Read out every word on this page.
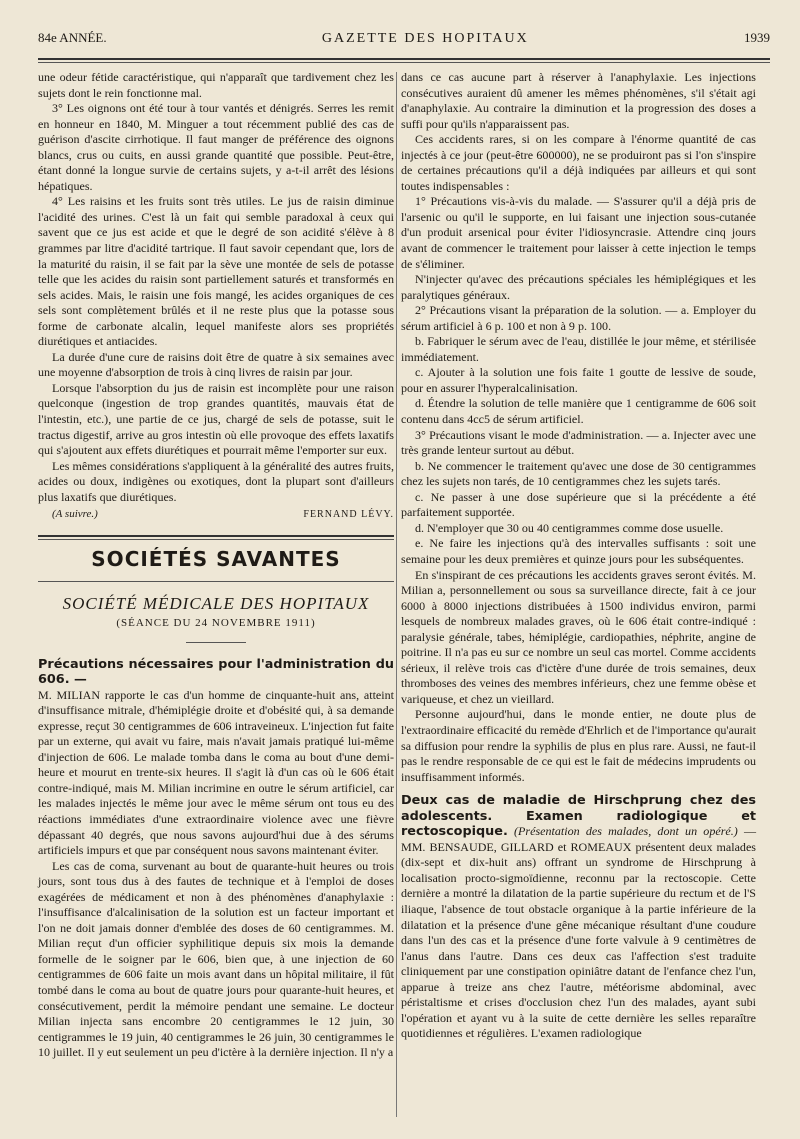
84e ANNÉE.	GAZETTE DES HOPITAUX	1939

une odeur fétide caractéristique, qui n'apparaît que tardivement chez les sujets dont le rein fonctionne mal.

3° Les oignons ont été tour à tour vantés et dénigrés. Serres les remit en honneur en 1840, M. Minguer a tout récemment publié des cas de guérison d'ascite cirrhotique. Il faut manger de préférence des oignons blancs, crus ou cuits, en aussi grande quantité que possible. Peut-être, étant donné la longue survie de certains sujets, y a-t-il arrêt des lésions hépatiques.

4° Les raisins et les fruits sont très utiles. Le jus de raisin diminue l'acidité des urines. C'est là un fait qui semble paradoxal à ceux qui savent que ce jus est acide et que le degré de son acidité s'élève à 8 grammes par litre d'acidité tartrique. Il faut savoir cependant que, lors de la maturité du raisin, il se fait par la sève une montée de sels de potasse telle que les acides du raisin sont partiellement saturés et transformés en sels acides. Mais, le raisin une fois mangé, les acides organiques de ces sels sont complètement brûlés et il ne reste plus que la potasse sous forme de carbonate alcalin, lequel manifeste alors ses propriétés diurétiques et antiacides.

La durée d'une cure de raisins doit être de quatre à six semaines avec une moyenne d'absorption de trois à cinq livres de raisin par jour.

Lorsque l'absorption du jus de raisin est incomplète pour une raison quelconque (ingestion de trop grandes quantités, mauvais état de l'intestin, etc.), une partie de ce jus, chargé de sels de potasse, suit le tractus digestif, arrive au gros intestin où elle provoque des effets laxatifs qui s'ajoutent aux effets diurétiques et pourrait même l'emporter sur eux.

Les mêmes considérations s'appliquent à la généralité des autres fruits, acides ou doux, indigènes ou exotiques, dont la plupart sont d'ailleurs plus laxatifs que diurétiques.

(A suivre.)	FERNAND LÉVY.
SOCIÉTÉS SAVANTES
SOCIÉTÉ MÉDICALE DES HOPITAUX
(SÉANCE DU 24 NOVEMBRE 1911)
Précautions nécessaires pour l'administration du 606. —

M. MILIAN rapporte le cas d'un homme de cinquante-huit ans, atteint d'insuffisance mitrale, d'hémiplégie droite et d'obésité qui, à sa demande expresse, reçut 30 centigrammes de 606 intraveineux. L'injection fut faite par un externe, qui avait vu faire, mais n'avait jamais pratiqué lui-même d'injection de 606. Le malade tomba dans le coma au bout d'une demi-heure et mourut en trente-six heures. Il s'agit là d'un cas où le 606 était contre-indiqué, mais M. Milian incrimine en outre le sérum artificiel, car les malades injectés le même jour avec le même sérum ont tous eu des réactions immédiates d'une extraordinaire violence avec une fièvre dépassant 40 degrés, que nous savons aujourd'hui due à des sérums artificiels impurs et que par conséquent nous savons maintenant éviter.

Les cas de coma, survenant au bout de quarante-huit heures ou trois jours, sont tous dus à des fautes de technique et à l'emploi de doses exagérées de médicament et non à des phénomènes d'anaphylaxie : l'insuffisance d'alcalinisation de la solution est un facteur important et l'on ne doit jamais donner d'emblée des doses de 60 centigrammes. M. Milian reçut d'un officier syphilitique depuis six mois la demande formelle de le soigner par le 606, bien que, à une injection de 60 centigrammes de 606 faite un mois avant dans un hôpital militaire, il fût tombé dans le coma au bout de quatre jours pour quarante-huit heures, et consécutivement, perdit la mémoire pendant une semaine. Le docteur Milian injecta sans encombre 20 centigrammes le 12 juin, 30 centigrammes le 19 juin, 40 centigrammes le 26 juin, 30 centigrammes le 10 juillet. Il y eut seulement un peu d'ictère à la dernière injection. Il n'y a

dans ce cas aucune part à réserver à l'anaphylaxie. Les injections consécutives auraient dû amener les mêmes phénomènes, s'il s'était agi d'anaphylaxie. Au contraire la diminution et la progression des doses a suffi pour qu'ils n'apparaissent pas.

Ces accidents rares, si on les compare à l'énorme quantité de cas injectés à ce jour (peut-être 600000), ne se produiront pas si l'on s'inspire de certaines précautions qu'il a déjà indiquées par ailleurs et qui sont toutes indispensables :

1° Précautions vis-à-vis du malade. — S'assurer qu'il a déjà pris de l'arsenic ou qu'il le supporte, en lui faisant une injection sous-cutanée d'un produit arsenical pour éviter l'idiosyncrasie. Attendre cinq jours avant de commencer le traitement pour laisser à cette injection le temps de s'éliminer.

N'injecter qu'avec des précautions spéciales les hémiplégiques et les paralytiques généraux.

2° Précautions visant la préparation de la solution. — a. Employer du sérum artificiel à 6 p. 100 et non à 9 p. 100.

b. Fabriquer le sérum avec de l'eau, distillée le jour même, et stérilisée immédiatement.

c. Ajouter à la solution une fois faite 1 goutte de lessive de soude, pour en assurer l'hyperalcalinisation.

d. Étendre la solution de telle manière que 1 centigramme de 606 soit contenu dans 4cc5 de sérum artificiel.

3° Précautions visant le mode d'administration. — a. Injecter avec une très grande lenteur surtout au début.

b. Ne commencer le traitement qu'avec une dose de 30 centigrammes chez les sujets non tarés, de 10 centigrammes chez les sujets tarés.

c. Ne passer à une dose supérieure que si la précédente a été parfaitement supportée.

d. N'employer que 30 ou 40 centigrammes comme dose usuelle.

e. Ne faire les injections qu'à des intervalles suffisants : soit une semaine pour les deux premières et quinze jours pour les subséquentes.

En s'inspirant de ces précautions les accidents graves seront évités. M. Milian a, personnellement ou sous sa surveillance directe, fait à ce jour 6000 à 8000 injections distribuées à 1500 individus environ, parmi lesquels de nombreux malades graves, où le 606 était contre-indiqué : paralysie générale, tabes, hémiplégie, cardiopathies, néphrite, angine de poitrine. Il n'a pas eu sur ce nombre un seul cas mortel. Comme accidents sérieux, il relève trois cas d'ictère d'une durée de trois semaines, deux thromboses des veines des membres inférieurs, chez une femme obèse et variqueuse, et chez un vieillard.

Personne aujourd'hui, dans le monde entier, ne doute plus de l'extraordinaire efficacité du remède d'Ehrlich et de l'importance qu'aurait sa diffusion pour rendre la syphilis de plus en plus rare. Aussi, ne faut-il pas le rendre responsable de ce qui est le fait de médecins imprudents ou insuffisamment informés.

Deux cas de maladie de Hirschprung chez des adolescents. Examen radiologique et rectoscopique. (Présentation des malades, dont un opéré.) — MM. BENSAUDE, GILLARD et ROMEAUX présentent deux malades (dix-sept et dix-huit ans) offrant un syndrome de Hirschprung à localisation procto-sigmoïdienne, reconnu par la rectoscopie. Cette dernière a montré la dilatation de la partie supérieure du rectum et de l'S iliaque, l'absence de tout obstacle organique à la partie inférieure de la dilatation et la présence d'une gêne mécanique résultant d'une coudure dans l'un des cas et la présence d'une forte valvule à 9 centimètres de l'anus dans l'autre. Dans ces deux cas l'affection s'est traduite cliniquement par une constipation opiniâtre datant de l'enfance chez l'un, apparue à treize ans chez l'autre, météorisme abdominal, avec péristaltisme et crises d'occlusion chez l'un des malades, ayant subi l'opération et ayant vu à la suite de cette dernière les selles reparaître quotidiennes et régulières. L'examen radiologique
